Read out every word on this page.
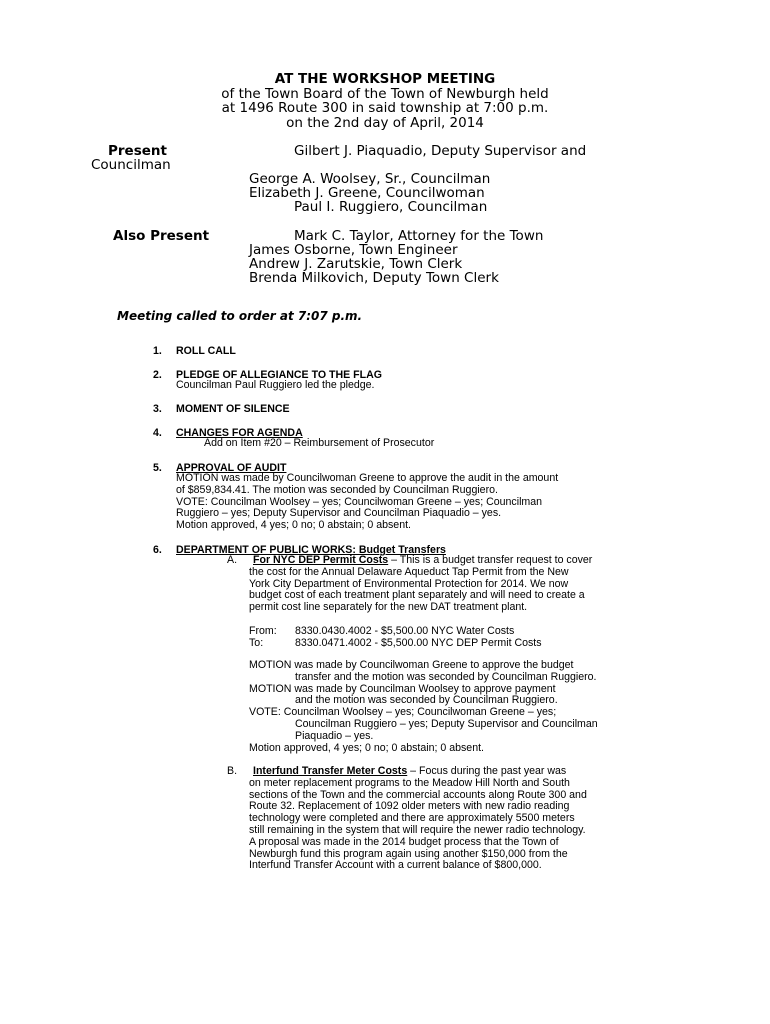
AT THE WORKSHOP MEETING
of the Town Board of the Town of Newburgh held
at 1496 Route 300 in said township at 7:00 p.m.
on the 2nd day of April, 2014
Present	Gilbert J. Piaquadio, Deputy Supervisor and
Councilman
George A. Woolsey, Sr., Councilman
Elizabeth J. Greene, Councilwoman
Paul I. Ruggiero, Councilman
Also Present	Mark C. Taylor, Attorney for the Town
James Osborne, Town Engineer
Andrew J. Zarutskie, Town Clerk
Brenda Milkovich, Deputy Town Clerk
Meeting called to order at 7:07 p.m.
1. ROLL CALL
2. PLEDGE OF ALLEGIANCE TO THE FLAG
Councilman Paul Ruggiero led the pledge.
3. MOMENT OF SILENCE
4. CHANGES FOR AGENDA
Add on Item #20 – Reimbursement of Prosecutor
5. APPROVAL OF AUDIT
MOTION was made by Councilwoman Greene to approve the audit in the amount
of $859,834.41. The motion was seconded by Councilman Ruggiero.
VOTE: Councilman Woolsey – yes; Councilwoman Greene – yes; Councilman
Ruggiero – yes; Deputy Supervisor and Councilman Piaquadio – yes.
Motion approved, 4 yes; 0 no; 0 abstain; 0 absent.
6. DEPARTMENT OF PUBLIC WORKS: Budget Transfers
A.	For NYC DEP Permit Costs – This is a budget transfer request to cover
the cost for the Annual Delaware Aqueduct Tap Permit from the New
York City Department of Environmental Protection for 2014. We now
budget cost of each treatment plant separately and will need to create a
permit cost line separately for the new DAT treatment plant.
From: 8330.0430.4002 - $5,500.00 NYC Water Costs
To:	8330.0471.4002 - $5,500.00 NYC DEP Permit Costs
MOTION was made by Councilwoman Greene to approve the budget
transfer and the motion was seconded by Councilman Ruggiero.
MOTION was made by Councilman Woolsey to approve payment
and the motion was seconded by Councilman Ruggiero.
VOTE: Councilman Woolsey – yes; Councilwoman Greene – yes;
Councilman Ruggiero – yes; Deputy Supervisor and Councilman
Piaquadio – yes.
Motion approved, 4 yes; 0 no; 0 abstain; 0 absent.
B.	Interfund Transfer Meter Costs – Focus during the past year was
on meter replacement programs to the Meadow Hill North and South
sections of the Town and the commercial accounts along Route 300 and
Route 32. Replacement of 1092 older meters with new radio reading
technology were completed and there are approximately 5500 meters
still remaining in the system that will require the newer radio technology.
A proposal was made in the 2014 budget process that the Town of
Newburgh fund this program again using another $150,000 from the
Interfund Transfer Account with a current balance of $800,000.
